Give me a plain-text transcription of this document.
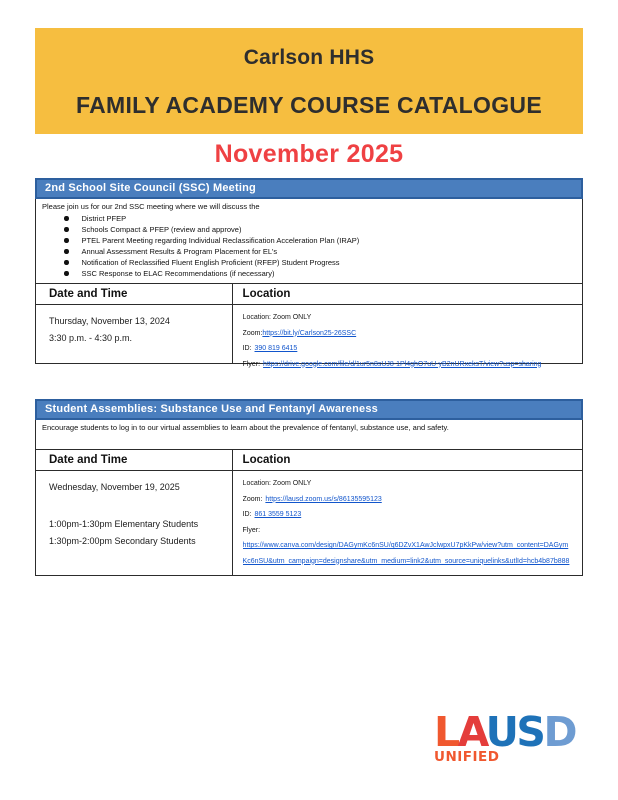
Carlson HHS
FAMILY ACADEMY COURSE CATALOGUE
November 2025
2nd School Site Council (SSC) Meeting
Please join us for our 2nd SSC meeting where we will discuss the
District PFEP
Schools Compact & PFEP (review and approve)
PTEL Parent Meeting regarding Individual Reclassification Acceleration Plan (IRAP)
Annual Assessment Results & Program Placement for EL's
Notification of Reclassified Fluent English Proficient (RFEP) Student Progress
SSC Response to ELAC Recommendations (if necessary)
Date and Time	Location
Thursday, November 13, 2024
3:30 p.m. - 4:30 p.m.
Location: Zoom ONLY
Zoom:https://bit.ly/Carlson25-26SSC
ID: 390 819 6415
Flyer: https://drive.google.com/file/d/1ur5n8sUJ8-1Pl4ghO7uU-yB2nURxeksT/view?usp=sharing
Student Assemblies: Substance Use and Fentanyl Awareness
Encourage students to log in to our virtual assemblies to learn about the prevalence of fentanyl, substance use, and safety.
Date and Time	Location
Wednesday, November 19, 2025
1:00pm-1:30pm Elementary Students
1:30pm-2:00pm Secondary Students
Location: Zoom ONLY
Zoom: https://lausd.zoom.us/s/86135595123
ID: 861 3559 5123
Flyer:
https://www.canva.com/design/DAGymKc6nSU/q6DZvX1AwJclwpxU7pKkPw/view?utm_content=DAGymKc6nSU&utm_campaign=designshare&utm_medium=link2&utm_source=uniquelinks&utlId=hcb4b87b888
LAUSD
UNIFIED
